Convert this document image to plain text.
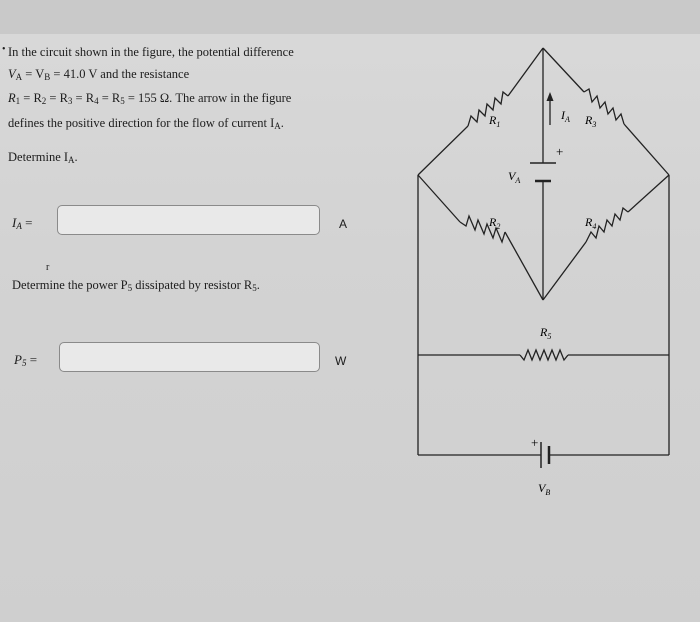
• In the circuit shown in the figure, the potential difference

$V_A = V_B = 41.0$ V and the resistance

$R_1 = R_2 = R_3 = R_4 = R_5 = 155$ Ω. The arrow in the figure

defines the positive direction for the flow of current $I_A$.

Determine $I_A$.

$I_A$ =	A
r
Determine the power $P_5$ dissipated by resistor $R_5$.
$P_5$ =	W
$R_1$	$R_3$
$R_2$	$R_4$
$R_5$
$I_A$
$V_A$
$V_B$
+
+
